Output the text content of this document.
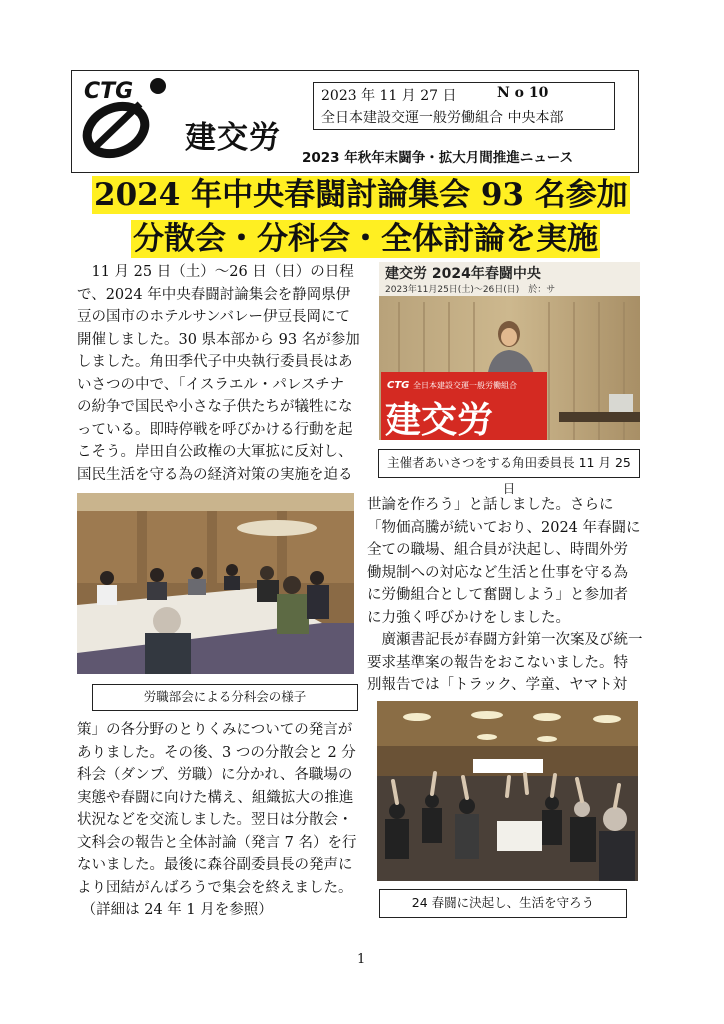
CTG
建交労
2023 年 11 月 27 日	N o 10
全日本建設交運一般労働組合 中央本部
2023 年秋年末闘争・拡大月間推進ニュース
2024 年中央春闘討論集会 93 名参加
分散会・分科会・全体討論を実施
　11 月 25 日（土）～26 日（日）の日程
で、2024 年中央春闘討論集会を静岡県伊
豆の国市のホテルサンバレー伊豆長岡にて
開催しました。30 県本部から 93 名が参加
しました。角田季代子中央執行委員長はあ
いさつの中で、「イスラエル・パレスチナ
の紛争で国民や小さな子供たちが犠牲にな
っている。即時停戦を呼びかける行動を起
こそう。岸田自公政権の大軍拡に反対し、
国民生活を守る為の経済対策の実施を迫る
世論を作ろう」と話しました。さらに
「物価高騰が続いており、2024 年春闘に
全ての職場、組合員が決起し、時間外労
働規制への対応など生活と仕事を守る為
に労働組合として奮闘しよう」と参加者
に力強く呼びかけをしました。
　廣瀬書記長が春闘方針第一次案及び統一
要求基準案の報告をおこないました。特
別報告では「トラック、学童、ヤマト対
策」の各分野のとりくみについての発言が
ありました。その後、3 つの分散会と 2 分
科会（ダンプ、労職）に分かれ、各職場の
実態や春闘に向けた構え、組織拡大の推進
状況などを交流しました。翌日は分散会・
文科会の報告と全体討論（発言 7 名）を行
ないました。最後に森谷副委員長の発声に
より団結がんばろうで集会を終えました。
（詳細は 24 年 1 月を参照）
建交労 2024年春闘中央
2023年11月25日(土)～26日(日)　於：サ
CTG 全日本建設交運一般労働組合
建交労
主催者あいさつをする角田委員長 11 月 25 日
労職部会による分科会の様子
24 春闘に決起し、生活を守ろう
1
